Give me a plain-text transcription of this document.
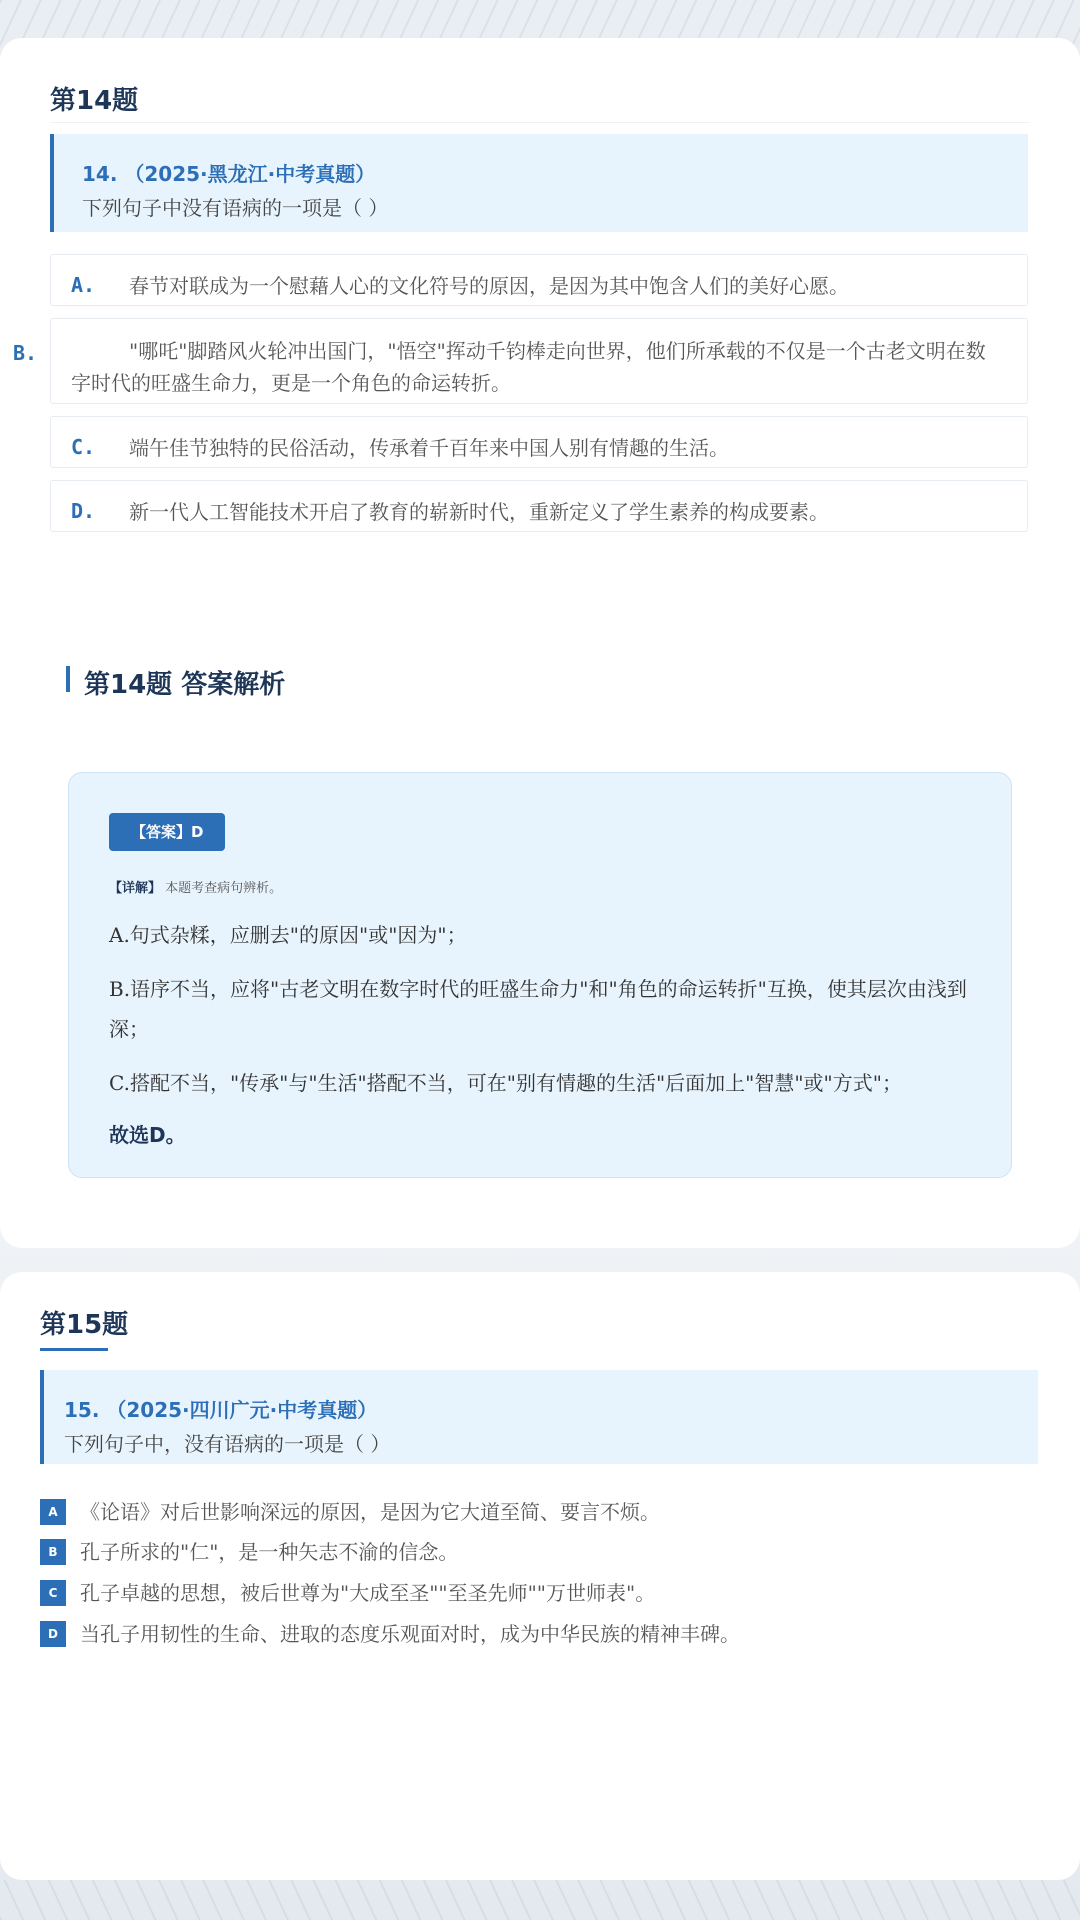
第14题
14. （2025·黑龙江·中考真题）
下列句子中没有语病的一项是（ ）
A. 春节对联成为一个慰藉人心的文化符号的原因，是因为其中饱含人们的美好心愿。
B.	"哪吒"脚踏风火轮冲出国门，"悟空"挥动千钧棒走向世界，他们所承载的不仅是一个古老文明在数字时代的旺盛生命力，更是一个角色的命运转折。
C. 端午佳节独特的民俗活动，传承着千百年来中国人别有情趣的生活。
D. 新一代人工智能技术开启了教育的崭新时代，重新定义了学生素养的构成要素。
第14题 答案解析
【答案】D
【详解】 本题考查病句辨析。
A.句式杂糅，应删去"的原因"或"因为"；
B.语序不当，应将"古老文明在数字时代的旺盛生命力"和"角色的命运转折"互换，使其层次由浅到深；
C.搭配不当，"传承"与"生活"搭配不当，可在"别有情趣的生活"后面加上"智慧"或"方式"；
故选D。
第15题
15. （2025·四川广元·中考真题）
下列句子中，没有语病的一项是（ ）
A	《论语》对后世影响深远的原因，是因为它大道至简、要言不烦。
B	孔子所求的"仁"，是一种矢志不渝的信念。
C	孔子卓越的思想，被后世尊为"大成至圣""至圣先师""万世师表"。
D	当孔子用韧性的生命、进取的态度乐观面对时，成为中华民族的精神丰碑。
